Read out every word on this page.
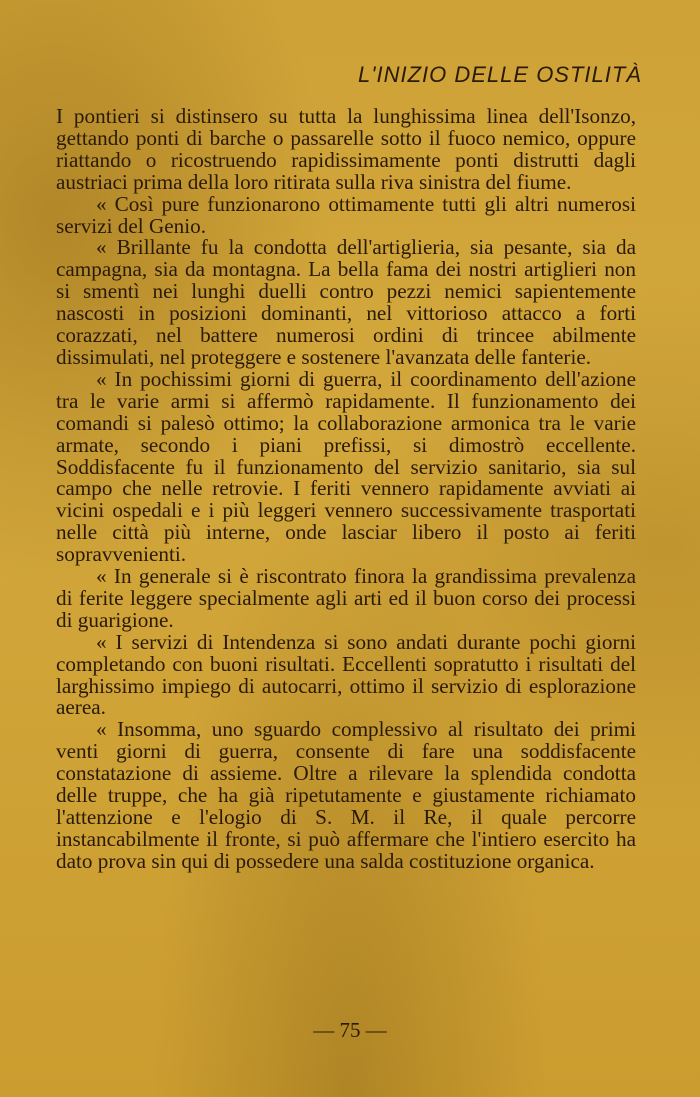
L'INIZIO DELLE OSTILITÀ

I pontieri si distinsero su tutta la lunghissima linea dell'Isonzo, gettando ponti di barche o passarelle sotto il fuoco nemico, oppure riattando o ricostruendo rapidissimamente ponti distrutti dagli austriaci prima della loro ritirata sulla riva sinistra del fiume.

« Così pure funzionarono ottimamente tutti gli altri numerosi servizi del Genio.

« Brillante fu la condotta dell'artiglieria, sia pesante, sia da campagna, sia da montagna. La bella fama dei nostri artiglieri non si smentì nei lunghi duelli contro pezzi nemici sapientemente nascosti in posizioni dominanti, nel vittorioso attacco a forti corazzati, nel battere numerosi ordini di trincee abilmente dissimulati, nel proteggere e sostenere l'avanzata delle fanterie.

« In pochissimi giorni di guerra, il coordinamento dell'azione tra le varie armi si affermò rapidamente. Il funzionamento dei comandi si palesò ottimo; la collaborazione armonica tra le varie armate, secondo i piani prefissi, si dimostrò eccellente. Soddisfacente fu il funzionamento del servizio sanitario, sia sul campo che nelle retrovie. I feriti vennero rapidamente avviati ai vicini ospedali e i più leggeri vennero successivamente trasportati nelle città più interne, onde lasciar libero il posto ai feriti sopravvenienti.

« In generale si è riscontrato finora la grandissima prevalenza di ferite leggere specialmente agli arti ed il buon corso dei processi di guarigione.

« I servizi di Intendenza si sono andati durante pochi giorni completando con buoni risultati. Eccellenti sopratutto i risultati del larghissimo impiego di autocarri, ottimo il servizio di esplorazione aerea.

« Insomma, uno sguardo complessivo al risultato dei primi venti giorni di guerra, consente di fare una soddisfacente constatazione di assieme. Oltre a rilevare la splendida condotta delle truppe, che ha già ripetutamente e giustamente richiamato l'attenzione e l'elogio di S. M. il Re, il quale percorre instancabilmente il fronte, si può affermare che l'intiero esercito ha dato prova sin qui di possedere una salda costituzione organica.

— 75 —
